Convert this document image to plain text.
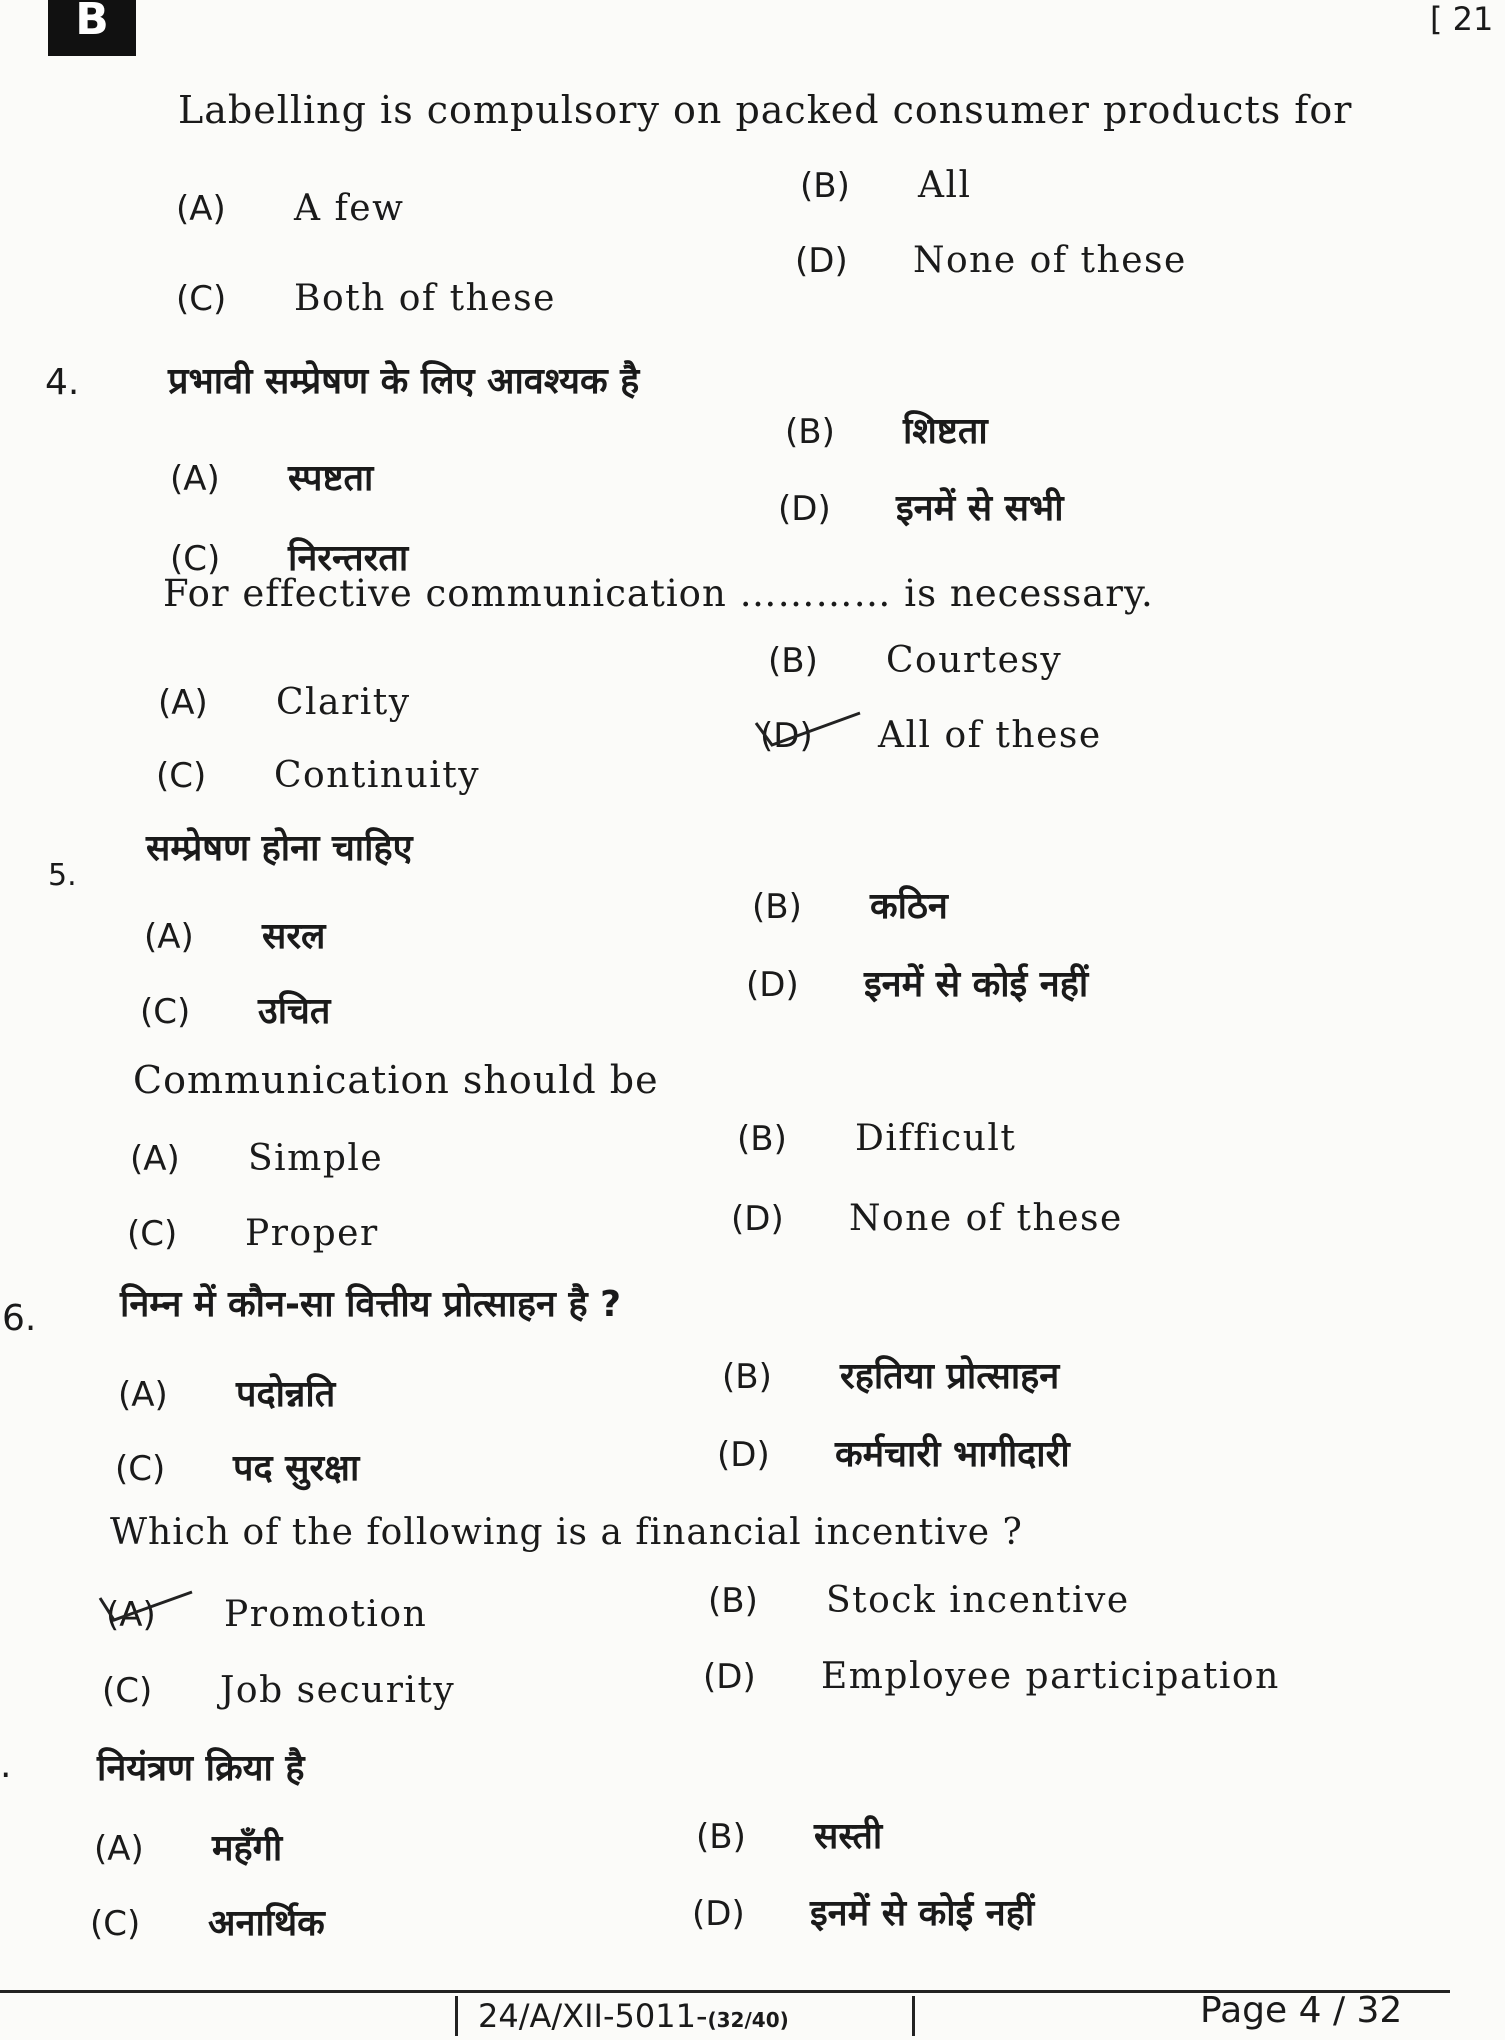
B	[ 21
Labelling is compulsory on packed consumer products for
(A) A few
(B) All
(C) Both of these
(D) None of these
4. प्रभावी सम्प्रेषण के लिए आवश्यक है
(A) स्पष्टता
(B) शिष्टता
(C) निरन्तरता
(D) इनमें से सभी
For effective communication ………… is necessary.
(A) Clarity
(B) Courtesy
(C) Continuity
(D) All of these
5.
सम्प्रेषण होना चाहिए
(A) सरल
(B) कठिन
(C) उचित
(D) इनमें से कोई नहीं
Communication should be
(A) Simple	(B) Difficult
(C) Proper	(D) None of these
6. निम्न में कौन-सा वित्तीय प्रोत्साहन है ?
(A) पदोन्नति	(B) रहतिया प्रोत्साहन
(C) पद सुरक्षा	(D) कर्मचारी भागीदारी
Which of the following is a financial incentive ?
(A) Promotion	(B) Stock incentive
(C) Job security	(D) Employee participation
. नियंत्रण क्रिया है
(A) महँगी	(B) सस्ती
(C) अनार्थिक	(D) इनमें से कोई नहीं
24/A/XII-5011-(32/40)	Page 4 / 32
